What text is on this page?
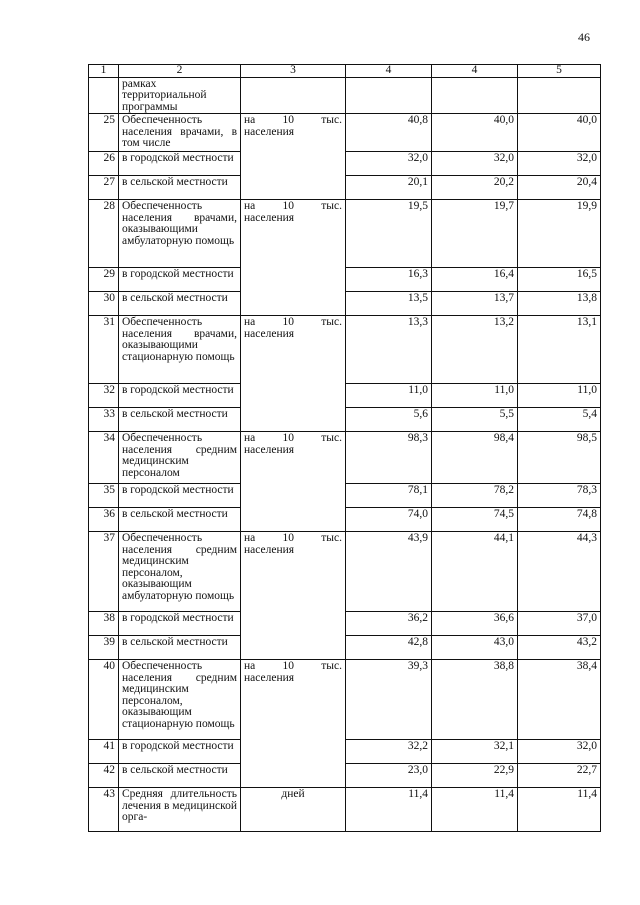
46
1	2	3	4	4	5
	рамках территориальной программы				
25	Обеспеченность населения врачами, в том числе	на 10 тыс. населения	40,8	40,0	40,0
26	в городской местности		32,0	32,0	32,0
27	в сельской местности		20,1	20,2	20,4
28	Обеспеченность населения врачами, оказывающими амбулаторную помощь	на 10 тыс. населения	19,5	19,7	19,9
29	в городской местности		16,3	16,4	16,5
30	в сельской местности		13,5	13,7	13,8
31	Обеспеченность населения врачами, оказывающими стационарную помощь	на 10 тыс. населения	13,3	13,2	13,1
32	в городской местности		11,0	11,0	11,0
33	в сельской местности		5,6	5,5	5,4
34	Обеспеченность населения средним медицинским персоналом	на 10 тыс. населения	98,3	98,4	98,5
35	в городской местности		78,1	78,2	78,3
36	в сельской местности		74,0	74,5	74,8
37	Обеспеченность населения средним медицинским персоналом, оказывающим амбулаторную помощь	на 10 тыс. населения	43,9	44,1	44,3
38	в городской местности		36,2	36,6	37,0
39	в сельской местности		42,8	43,0	43,2
40	Обеспеченность населения средним медицинским персоналом, оказывающим стационарную помощь	на 10 тыс. населения	39,3	38,8	38,4
41	в городской местности		32,2	32,1	32,0
42	в сельской местности		23,0	22,9	22,7
43	Средняя длительность лечения в медицинской орга-	дней	11,4	11,4	11,4
